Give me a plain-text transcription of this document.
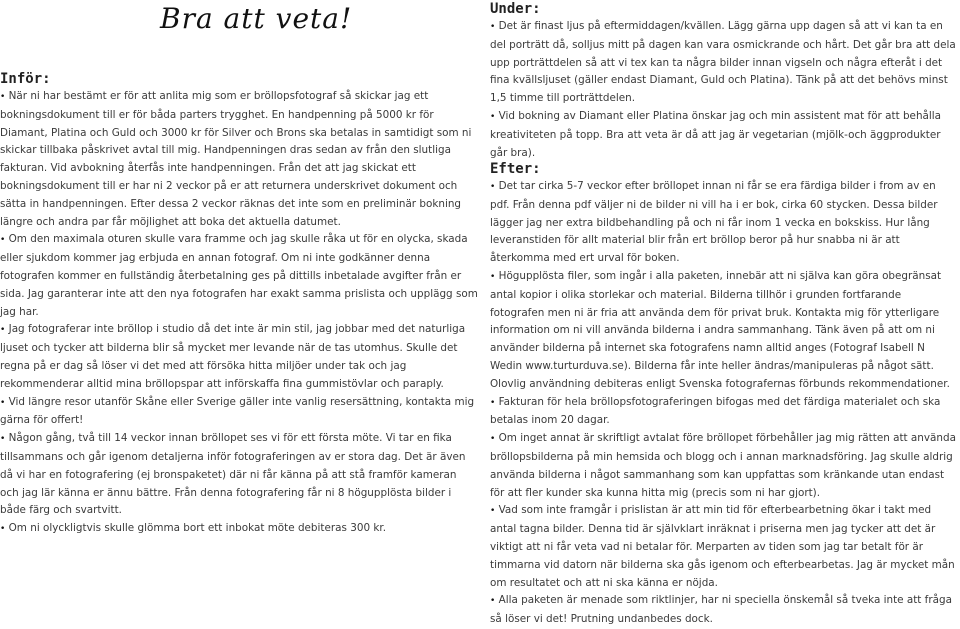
Bra att veta!
Inför:

• När ni har bestämt er för att anlita mig som er bröllopsfotograf så skickar jag ett bokningsdokument till er för båda parters trygghet. En handpenning på 5000 kr för Diamant, Platina och Guld och 3000 kr för Silver och Brons ska betalas in samtidigt som ni skickar tillbaka påskrivet avtal till mig. Handpenningen dras sedan av från den slutliga fakturan. Vid avbokning återfås inte handpenningen. Från det att jag skickat ett bokningsdokument till er har ni 2 veckor på er att returnera underskrivet dokument och sätta in handpenningen. Efter dessa 2 veckor räknas det inte som en preliminär bokning längre och andra par får möjlighet att boka det aktuella datumet.

• Om den maximala oturen skulle vara framme och jag skulle råka ut för en olycka, skada eller sjukdom kommer jag erbjuda en annan fotograf. Om ni inte godkänner denna fotografen kommer en fullständig återbetalning ges på dittills inbetalade avgifter från er sida. Jag garanterar inte att den nya fotografen har exakt samma prislista och upplägg som jag har.

• Jag fotograferar inte bröllop i studio då det inte är min stil, jag jobbar med det naturliga ljuset och tycker att bilderna blir så mycket mer levande när de tas utomhus. Skulle det regna på er dag så löser vi det med att försöka hitta miljöer under tak och jag rekommenderar alltid mina bröllopspar att införskaffa fina gummistövlar och paraply.

• Vid längre resor utanför Skåne eller Sverige gäller inte vanlig resersättning, kontakta mig gärna för offert!

• Någon gång, två till 14 veckor innan bröllopet ses vi för ett första möte. Vi tar en fika tillsammans och går igenom detaljerna inför fotograferingen av er stora dag. Det är även då vi har en fotografering (ej bronspaketet) där ni får känna på att stå framför kameran och jag lär känna er ännu bättre. Från denna fotografering får ni 8 högupplösta bilder i både färg och svartvitt.

• Om ni olyckligtvis skulle glömma bort ett inbokat möte debiteras 300 kr.

Under:

• Det är finast ljus på eftermiddagen/kvällen. Lägg gärna upp dagen så att vi kan ta en del porträtt då, solljus mitt på dagen kan vara osmickrande och hårt. Det går bra att dela upp porträttdelen så att vi tex kan ta några bilder innan vigseln och några efteråt i det fina kvällsljuset (gäller endast Diamant, Guld och Platina). Tänk på att det behövs minst 1,5 timme till porträttdelen.

• Vid bokning av Diamant eller Platina önskar jag och min assistent mat för att behålla kreativiteten på topp. Bra att veta är då att jag är vegetarian (mjölk-och äggprodukter går bra).

Efter:

• Det tar cirka 5-7 veckor efter bröllopet innan ni får se era färdiga bilder i from av en pdf. Från denna pdf väljer ni de bilder ni vill ha i er bok, cirka 60 stycken. Dessa bilder lägger jag ner extra bildbehandling på och ni får inom 1 vecka en bokskiss. Hur lång leveranstiden för allt material blir från ert bröllop beror på hur snabba ni är att återkomma med ert urval för boken.

• Högupplösta filer, som ingår i alla paketen, innebär att ni själva kan göra obegränsat antal kopior i olika storlekar och material. Bilderna tillhör i grunden fortfarande fotografen men ni är fria att använda dem för privat bruk. Kontakta mig för ytterligare information om ni vill använda bilderna i andra sammanhang. Tänk även på att om ni använder bilderna på internet ska fotografens namn alltid anges (Fotograf Isabell N Wedin www.turturduva.se). Bilderna får inte heller ändras/manipuleras på något sätt. Olovlig användning debiteras enligt Svenska fotografernas förbunds rekommendationer.

• Fakturan för hela bröllopsfotograferingen bifogas med det färdiga materialet och ska betalas inom 20 dagar.

• Om inget annat är skriftligt avtalat före bröllopet förbehåller jag mig rätten att använda bröllopsbilderna på min hemsida och blogg och i annan marknadsföring. Jag skulle aldrig använda bilderna i något sammanhang som kan uppfattas som kränkande utan endast för att fler kunder ska kunna hitta mig (precis som ni har gjort).

• Vad som inte framgår i prislistan är att min tid för efterbearbetning ökar i takt med antal tagna bilder. Denna tid är självklart inräknat i priserna men jag tycker att det är viktigt att ni får veta vad ni betalar för. Merparten av tiden som jag tar betalt för är timmarna vid datorn när bilderna ska gås igenom och efterbearbetas. Jag är mycket mån om resultatet och att ni ska känna er nöjda.

• Alla paketen är menade som riktlinjer, har ni speciella önskemål så tveka inte att fråga så löser vi det! Prutning undanbedes dock.
